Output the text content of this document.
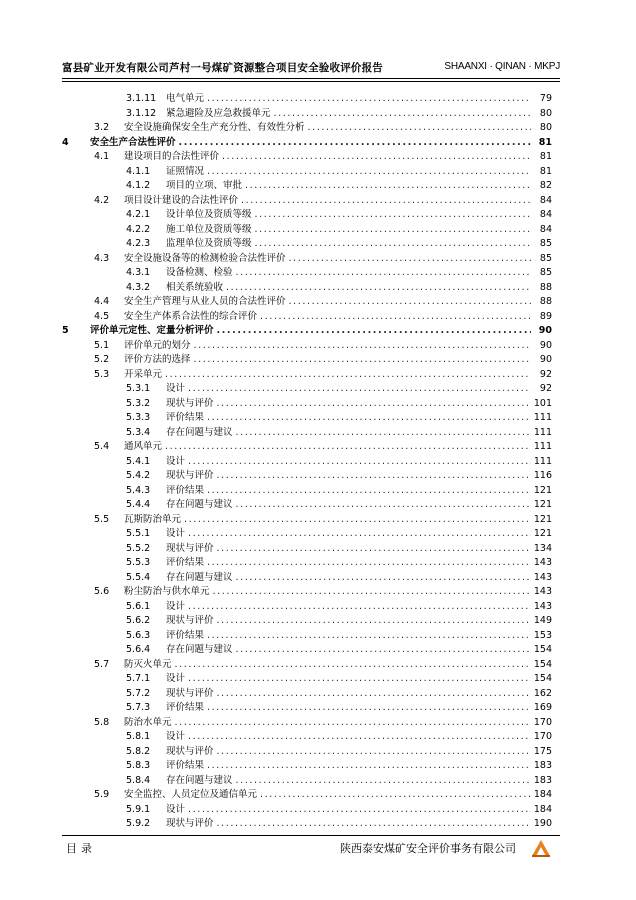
富县矿业开发有限公司芦村一号煤矿资源整合项目安全验收评价报告	SHAANXI · QINAN · MKPJ
3.1.11	电气单元 .....	79
3.1.12	紧急避险及应急救援单元 .....	80
3.2	安全设施确保安全生产充分性、有效性分析 .....	80
4	安全生产合法性评价 .....	81
4.1	建设项目的合法性评价 .....	81
4.1.1	证照情况 .....	81
4.1.2	项目的立项、审批 .....	82
4.2	项目设计建设的合法性评价 .....	84
4.2.1	设计单位及资质等级 .....	84
4.2.2	施工单位及资质等级 .....	84
4.2.3	监理单位及资质等级 .....	85
4.3	安全设施设备等的检测检验合法性评价 .....	85
4.3.1	设备检测、检验 .....	85
4.3.2	相关系统验收 .....	88
4.4	安全生产管理与从业人员的合法性评价 .....	88
4.5	安全生产体系合法性的综合评价 .....	89
5	评价单元定性、定量分析评价 .....	90
5.1	评价单元的划分 .....	90
5.2	评价方法的选择 .....	90
5.3	开采单元 .....	92
5.3.1	设计 .....	92
5.3.2	现状与评价 .....	101
5.3.3	评价结果 .....	111
5.3.4	存在问题与建议 .....	111
5.4	通风单元 .....	111
5.4.1	设计 .....	111
5.4.2	现状与评价 .....	116
5.4.3	评价结果 .....	121
5.4.4	存在问题与建议 .....	121
5.5	瓦斯防治单元 .....	121
5.5.1	设计 .....	121
5.5.2	现状与评价 .....	134
5.5.3	评价结果 .....	143
5.5.4	存在问题与建议 .....	143
5.6	粉尘防治与供水单元 .....	143
5.6.1	设计 .....	143
5.6.2	现状与评价 .....	149
5.6.3	评价结果 .....	153
5.6.4	存在问题与建议 .....	154
5.7	防灭火单元 .....	154
5.7.1	设计 .....	154
5.7.2	现状与评价 .....	162
5.7.3	评价结果 .....	169
5.8	防治水单元 .....	170
5.8.1	设计 .....	170
5.8.2	现状与评价 .....	175
5.8.3	评价结果 .....	183
5.8.4	存在问题与建议 .....	183
5.9	安全监控、人员定位及通信单元 .....	184
5.9.1	设计 .....	184
5.9.2	现状与评价 .....	190
目录	陕西泰安煤矿安全评价事务有限公司
